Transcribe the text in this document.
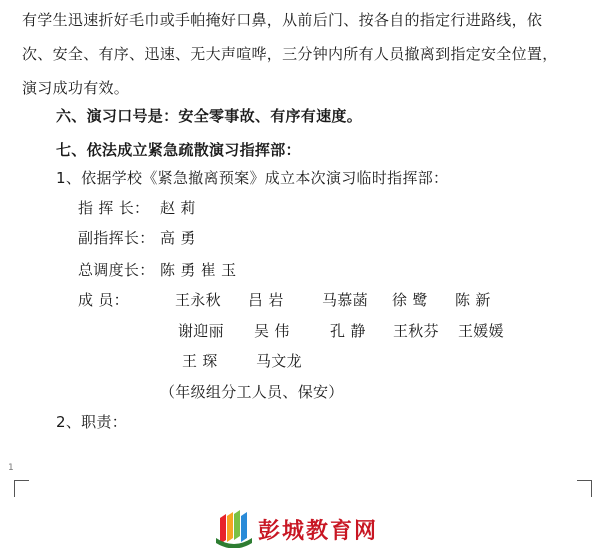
有学生迅速折好毛巾或手帕掩好口鼻，从前后门、按各自的指定行进路线，依
次、安全、有序、迅速、无大声喧哗，三分钟内所有人员撤离到指定安全位置，
演习成功有效。
六、演习口号是：安全零事故、有序有速度。
七、依法成立紧急疏散演习指挥部：
1、依据学校《紧急撤离预案》成立本次演习临时指挥部：
指 挥 长： 赵 莉
副指挥长： 高 勇
总调度长： 陈 勇 崔 玉
成 员：	王永秋 吕 岩	马慕菡 徐 鹭 陈 新
谢迎丽 吴 伟	孔 静 王秋芬 王媛媛
王 琛	马文龙
（年级组分工人员、保安）
2、职责：
1
彭城教育网
